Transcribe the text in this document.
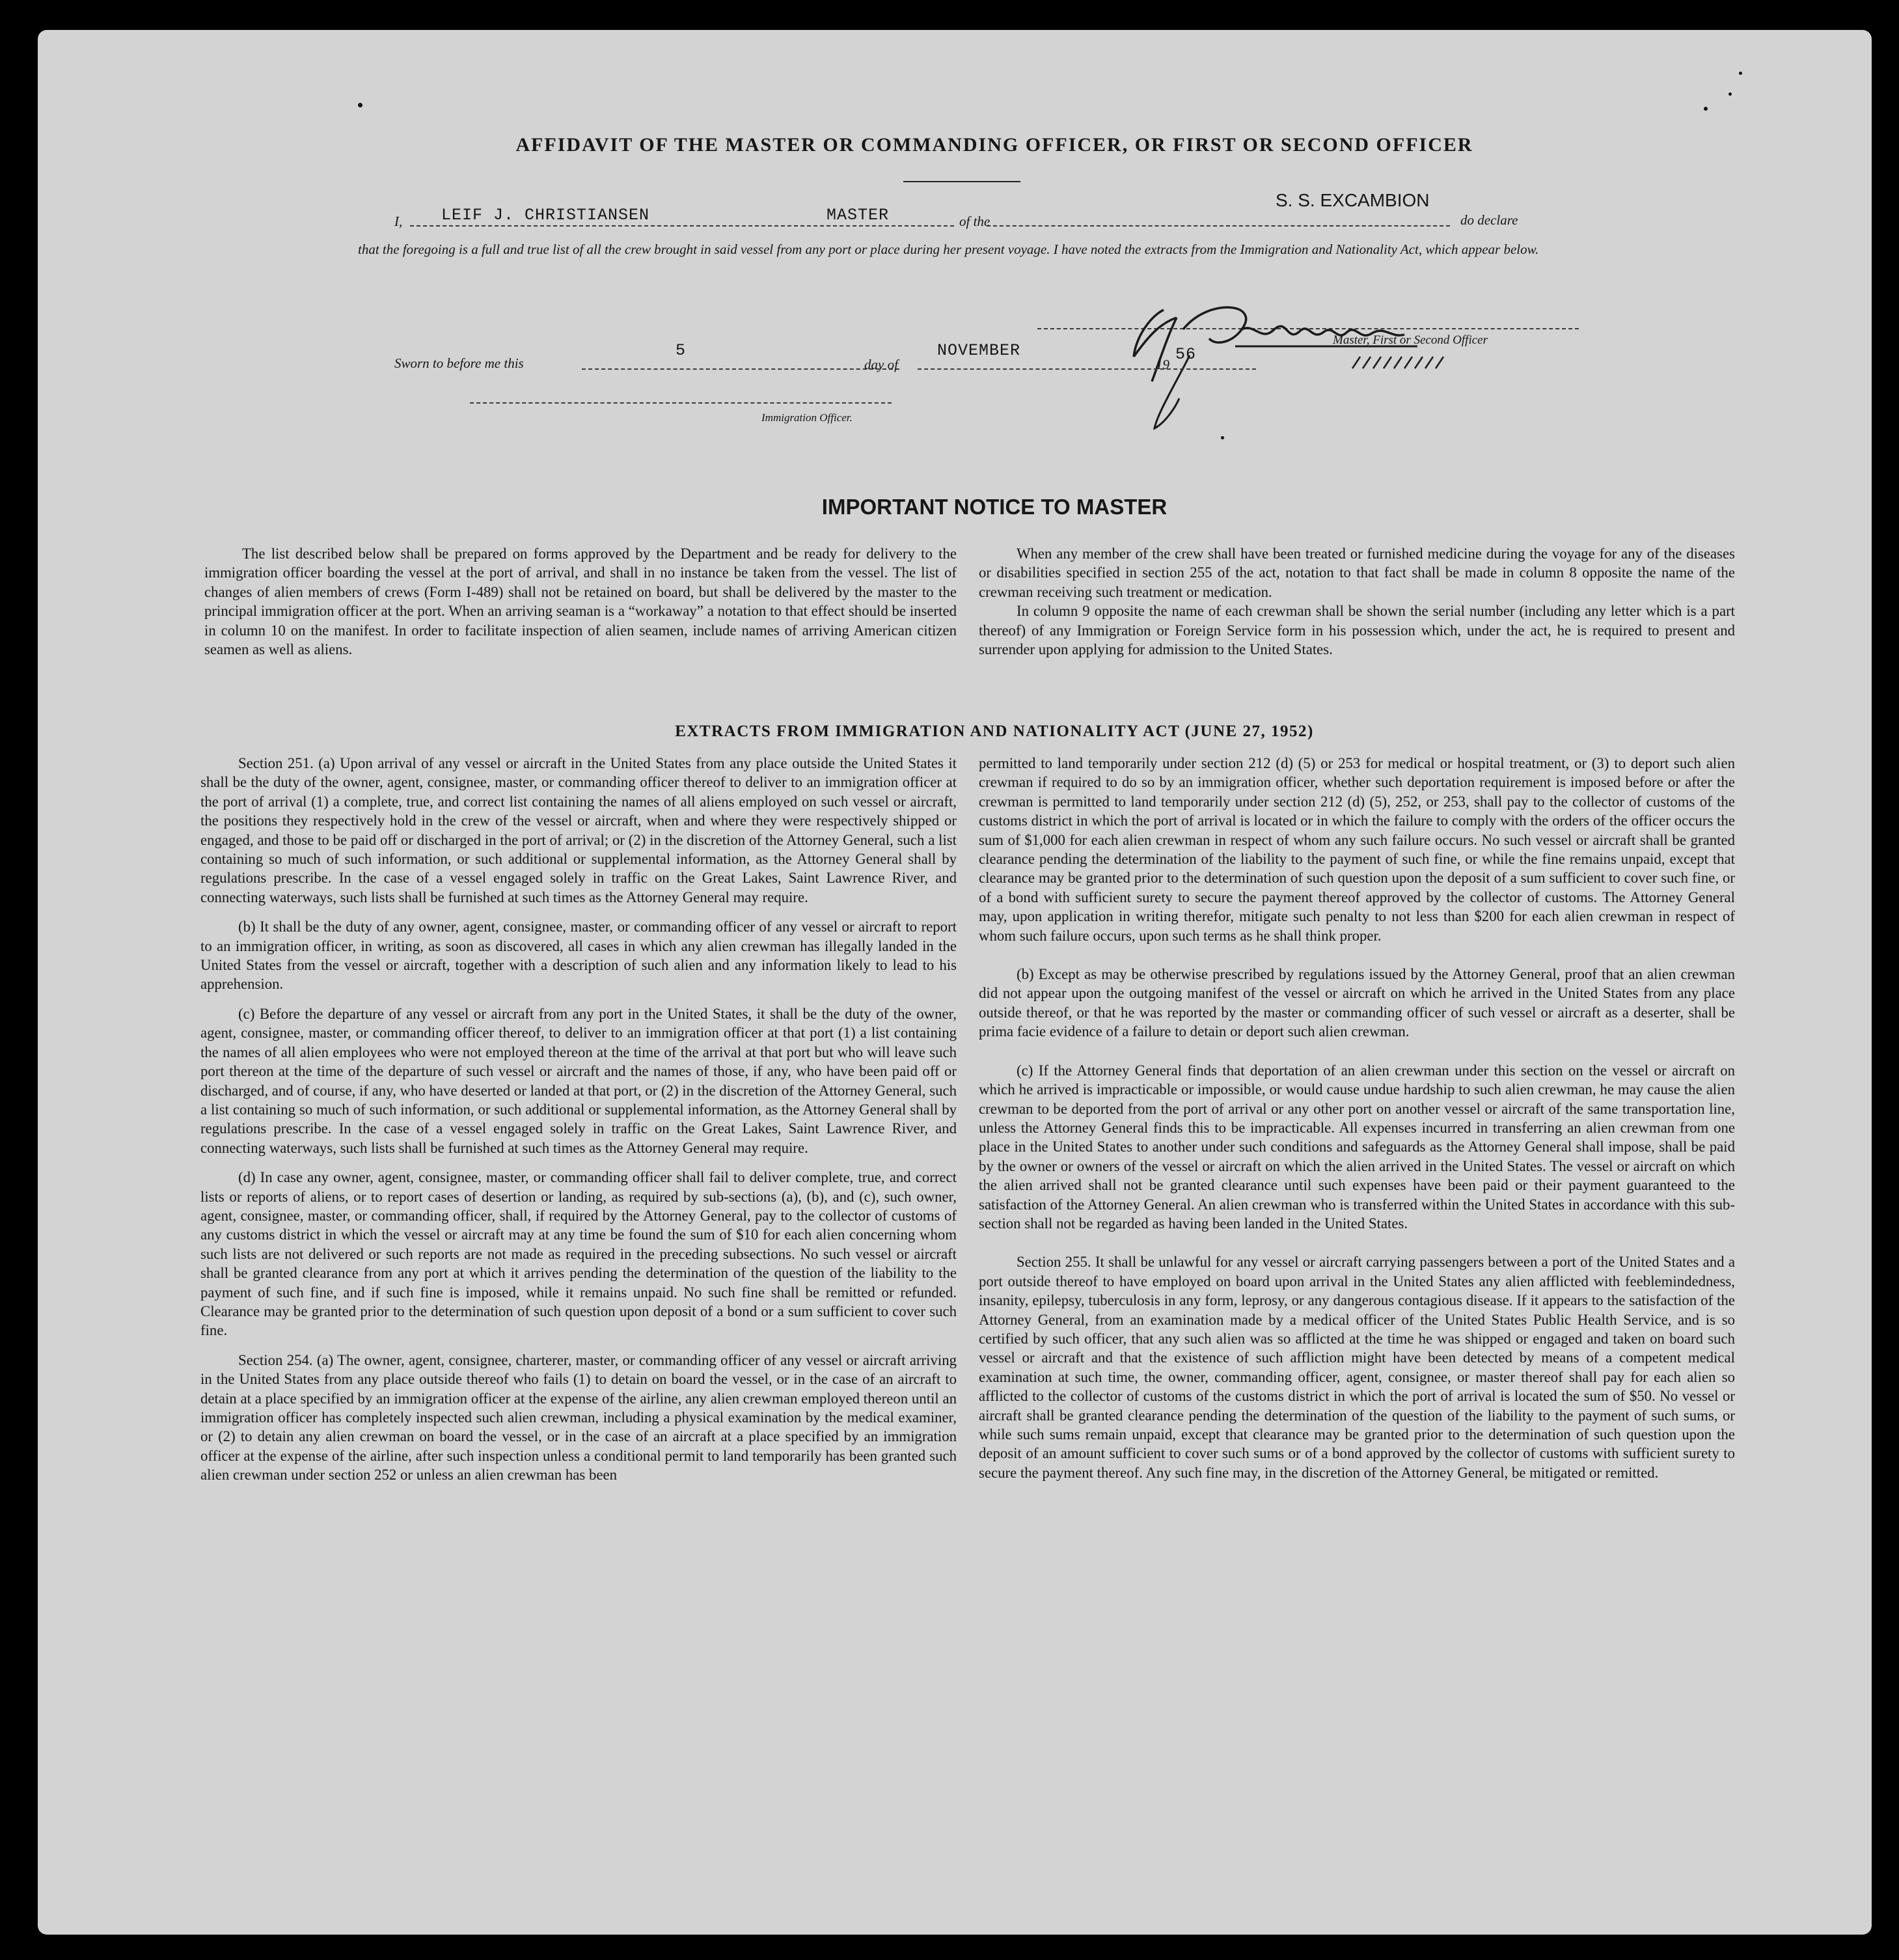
AFFIDAVIT OF THE MASTER OR COMMANDING OFFICER, OR FIRST OR SECOND OFFICER
I, LEIF J. CHRISTIANSEN	MASTER	of the
S. S. EXCAMBION
do declare
that the foregoing is a full and true list of all the crew brought in said vessel from any port or place during her present voyage. I have noted the extracts from the Immigration and Nationality Act, which appear below.
Master, First or Second Officer
Sworn to before me this
5
day of
NOVEMBER
19
56
Immigration Officer.
IMPORTANT NOTICE TO MASTER

The list described below shall be prepared on forms approved by the Department and be ready for delivery to the immigration officer boarding the vessel at the port of arrival, and shall in no instance be taken from the vessel. The list of changes of alien members of crews (Form I-489) shall not be retained on board, but shall be delivered by the master to the principal immigration officer at the port. When an arriving seaman is a “workaway” a notation to that effect should be inserted in column 10 on the manifest. In order to facilitate inspection of alien seamen, include names of arriving American citizen seamen as well as aliens.

When any member of the crew shall have been treated or furnished medicine during the voyage for any of the diseases or disabilities specified in section 255 of the act, notation to that fact shall be made in column 8 opposite the name of the crewman receiving such treatment or medication.

In column 9 opposite the name of each crewman shall be shown the serial number (including any letter which is a part thereof) of any Immigration or Foreign Service form in his possession which, under the act, he is required to present and surrender upon applying for admission to the United States.

EXTRACTS FROM IMMIGRATION AND NATIONALITY ACT (JUNE 27, 1952)

Section 251. (a) Upon arrival of any vessel or aircraft in the United States from any place outside the United States it shall be the duty of the owner, agent, consignee, master, or commanding officer thereof to deliver to an immigration officer at the port of arrival (1) a complete, true, and correct list containing the names of all aliens employed on such vessel or aircraft, the positions they respectively hold in the crew of the vessel or aircraft, when and where they were respectively shipped or engaged, and those to be paid off or discharged in the port of arrival; or (2) in the discretion of the Attorney General, such a list containing so much of such information, or such additional or supplemental information, as the Attorney General shall by regulations prescribe. In the case of a vessel engaged solely in traffic on the Great Lakes, Saint Lawrence River, and connecting waterways, such lists shall be furnished at such times as the Attorney General may require.

(b) It shall be the duty of any owner, agent, consignee, master, or commanding officer of any vessel or aircraft to report to an immigration officer, in writing, as soon as discovered, all cases in which any alien crewman has illegally landed in the United States from the vessel or aircraft, together with a description of such alien and any information likely to lead to his apprehension.

(c) Before the departure of any vessel or aircraft from any port in the United States, it shall be the duty of the owner, agent, consignee, master, or commanding officer thereof, to deliver to an immigration officer at that port (1) a list containing the names of all alien employees who were not employed thereon at the time of the arrival at that port but who will leave such port thereon at the time of the departure of such vessel or aircraft and the names of those, if any, who have been paid off or discharged, and of course, if any, who have deserted or landed at that port, or (2) in the discretion of the Attorney General, such a list containing so much of such information, or such additional or supplemental information, as the Attorney General shall by regulations prescribe. In the case of a vessel engaged solely in traffic on the Great Lakes, Saint Lawrence River, and connecting waterways, such lists shall be furnished at such times as the Attorney General may require.

(d) In case any owner, agent, consignee, master, or commanding officer shall fail to deliver complete, true, and correct lists or reports of aliens, or to report cases of desertion or landing, as required by sub-sections (a), (b), and (c), such owner, agent, consignee, master, or commanding officer, shall, if required by the Attorney General, pay to the collector of customs of any customs district in which the vessel or aircraft may at any time be found the sum of $10 for each alien concerning whom such lists are not delivered or such reports are not made as required in the preceding subsections. No such vessel or aircraft shall be granted clearance from any port at which it arrives pending the determination of the question of the liability to the payment of such fine, and if such fine is imposed, while it remains unpaid. No such fine shall be remitted or refunded. Clearance may be granted prior to the determination of such question upon deposit of a bond or a sum sufficient to cover such fine.

Section 254. (a) The owner, agent, consignee, charterer, master, or commanding officer of any vessel or aircraft arriving in the United States from any place outside thereof who fails (1) to detain on board the vessel, or in the case of an aircraft to detain at a place specified by an immigration officer at the expense of the airline, any alien crewman employed thereon until an immigration officer has completely inspected such alien crewman, including a physical examination by the medical examiner, or (2) to detain any alien crewman on board the vessel, or in the case of an aircraft at a place specified by an immigration officer at the expense of the airline, after such inspection unless a conditional permit to land temporarily has been granted such alien crewman under section 252 or unless an alien crewman has been

permitted to land temporarily under section 212 (d) (5) or 253 for medical or hospital treatment, or (3) to deport such alien crewman if required to do so by an immigration officer, whether such deportation requirement is imposed before or after the crewman is permitted to land temporarily under section 212 (d) (5), 252, or 253, shall pay to the collector of customs of the customs district in which the port of arrival is located or in which the failure to comply with the orders of the officer occurs the sum of $1,000 for each alien crewman in respect of whom any such failure occurs. No such vessel or aircraft shall be granted clearance pending the determination of the liability to the payment of such fine, or while the fine remains unpaid, except that clearance may be granted prior to the determination of such question upon the deposit of a sum sufficient to cover such fine, or of a bond with sufficient surety to secure the payment thereof approved by the collector of customs. The Attorney General may, upon application in writing therefor, mitigate such penalty to not less than $200 for each alien crewman in respect of whom such failure occurs, upon such terms as he shall think proper.

(b) Except as may be otherwise prescribed by regulations issued by the Attorney General, proof that an alien crewman did not appear upon the outgoing manifest of the vessel or aircraft on which he arrived in the United States from any place outside thereof, or that he was reported by the master or commanding officer of such vessel or aircraft as a deserter, shall be prima facie evidence of a failure to detain or deport such alien crewman.

(c) If the Attorney General finds that deportation of an alien crewman under this section on the vessel or aircraft on which he arrived is impracticable or impossible, or would cause undue hardship to such alien crewman, he may cause the alien crewman to be deported from the port of arrival or any other port on another vessel or aircraft of the same transportation line, unless the Attorney General finds this to be impracticable. All expenses incurred in transferring an alien crewman from one place in the United States to another under such conditions and safeguards as the Attorney General shall impose, shall be paid by the owner or owners of the vessel or aircraft on which the alien arrived in the United States. The vessel or aircraft on which the alien arrived shall not be granted clearance until such expenses have been paid or their payment guaranteed to the satisfaction of the Attorney General. An alien crewman who is transferred within the United States in accordance with this sub-section shall not be regarded as having been landed in the United States.

Section 255. It shall be unlawful for any vessel or aircraft carrying passengers between a port of the United States and a port outside thereof to have employed on board upon arrival in the United States any alien afflicted with feeblemindedness, insanity, epilepsy, tuberculosis in any form, leprosy, or any dangerous contagious disease. If it appears to the satisfaction of the Attorney General, from an examination made by a medical officer of the United States Public Health Service, and is so certified by such officer, that any such alien was so afflicted at the time he was shipped or engaged and taken on board such vessel or aircraft and that the existence of such affliction might have been detected by means of a competent medical examination at such time, the owner, commanding officer, agent, consignee, or master thereof shall pay for each alien so afflicted to the collector of customs of the customs district in which the port of arrival is located the sum of $50. No vessel or aircraft shall be granted clearance pending the determination of the question of the liability to the payment of such sums, or while such sums remain unpaid, except that clearance may be granted prior to the determination of such question upon the deposit of an amount sufficient to cover such sums or of a bond approved by the collector of customs with sufficient surety to secure the payment thereof. Any such fine may, in the discretion of the Attorney General, be mitigated or remitted.
